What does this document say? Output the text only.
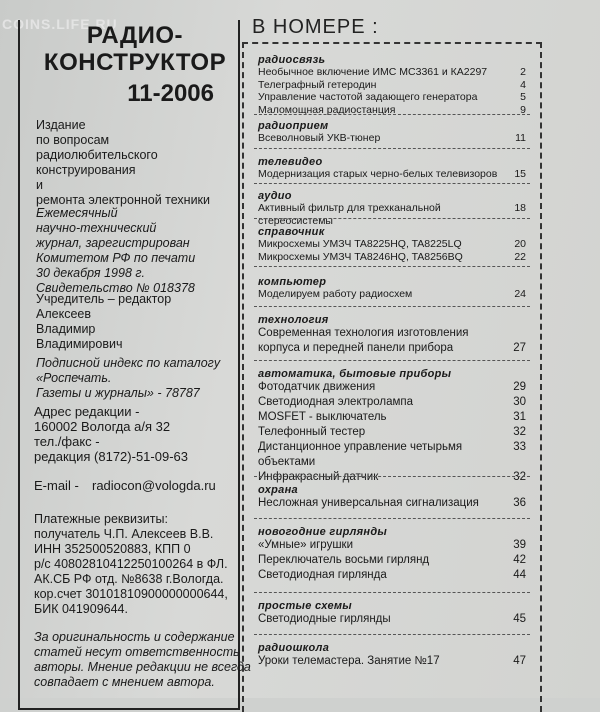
COINS.LIFE.RU
РАДИО-
КОНСТРУКТОР
11-2006

Издание
по вопросам
радиолюбительского
конструирования
и
ремонта электронной техники

Ежемесячный
научно-технический
журнал, зарегистрирован
Комитетом РФ по печати
30 декабря 1998 г.
Свидетельство № 018378

Учредитель – редактор
Алексеев
Владимир
Владимирович

Подписной индекс по каталогу
«Роспечать.
Газеты и журналы» - 78787

Адрес редакции -
160002 Вологда а/я 32
тел./факс -
редакция (8172)-51-09-63

E-mail -	radiocon@vologda.ru

Платежные реквизиты:
получатель Ч.П. Алексеев В.В.
ИНН 352500520883, КПП 0
р/с 40802810412250100264 в ФЛ.
АК.СБ РФ отд. №8638 г.Вологда.
кор.счет 30101810900000000644,
БИК 041909644.

За оригинальность и содержание
статей несут ответственность
авторы. Мнение редакции не всегда
совпадает с мнением автора.

В НОМЕРЕ :
радиосвязь
Необычное включение ИМС МС3361 и КА2297	2
Телеграфный гетеродин	4
Управление частотой задающего генератора	5
Маломощная радиостанция	9
радиоприем
Всеволновый УКВ-тюнер	11
телевидео
Модернизация старых черно-белых телевизоров	15
аудио
Активный фильтр для трехканальной стереосистемы
18
справочник
Микросхемы УМЗЧ TA8225HQ, TA8225LQ	20
Микросхемы УМЗЧ TA8246HQ, TA8256BQ	22
компьютер
Моделируем работу радиосхем	24
технология
Современная технология изготовления
корпуса и передней панели прибора	27
автоматика, бытовые приборы
Фотодатчик движения	29
Светодиодная электролампа	30
MOSFET - выключатель	31
Телефонный тестер	32
Дистанционное управление четырьмя объектами
33
Инфракрасный датчик	32
охрана
Несложная универсальная сигнализация	36
новогодние гирлянды
«Умные» игрушки	39
Переключатель восьми гирлянд	42
Светодиодная гирлянда	44
простые схемы
Светодиодные гирлянды	45
радиошкола
Уроки телемастера. Занятие №17	47
